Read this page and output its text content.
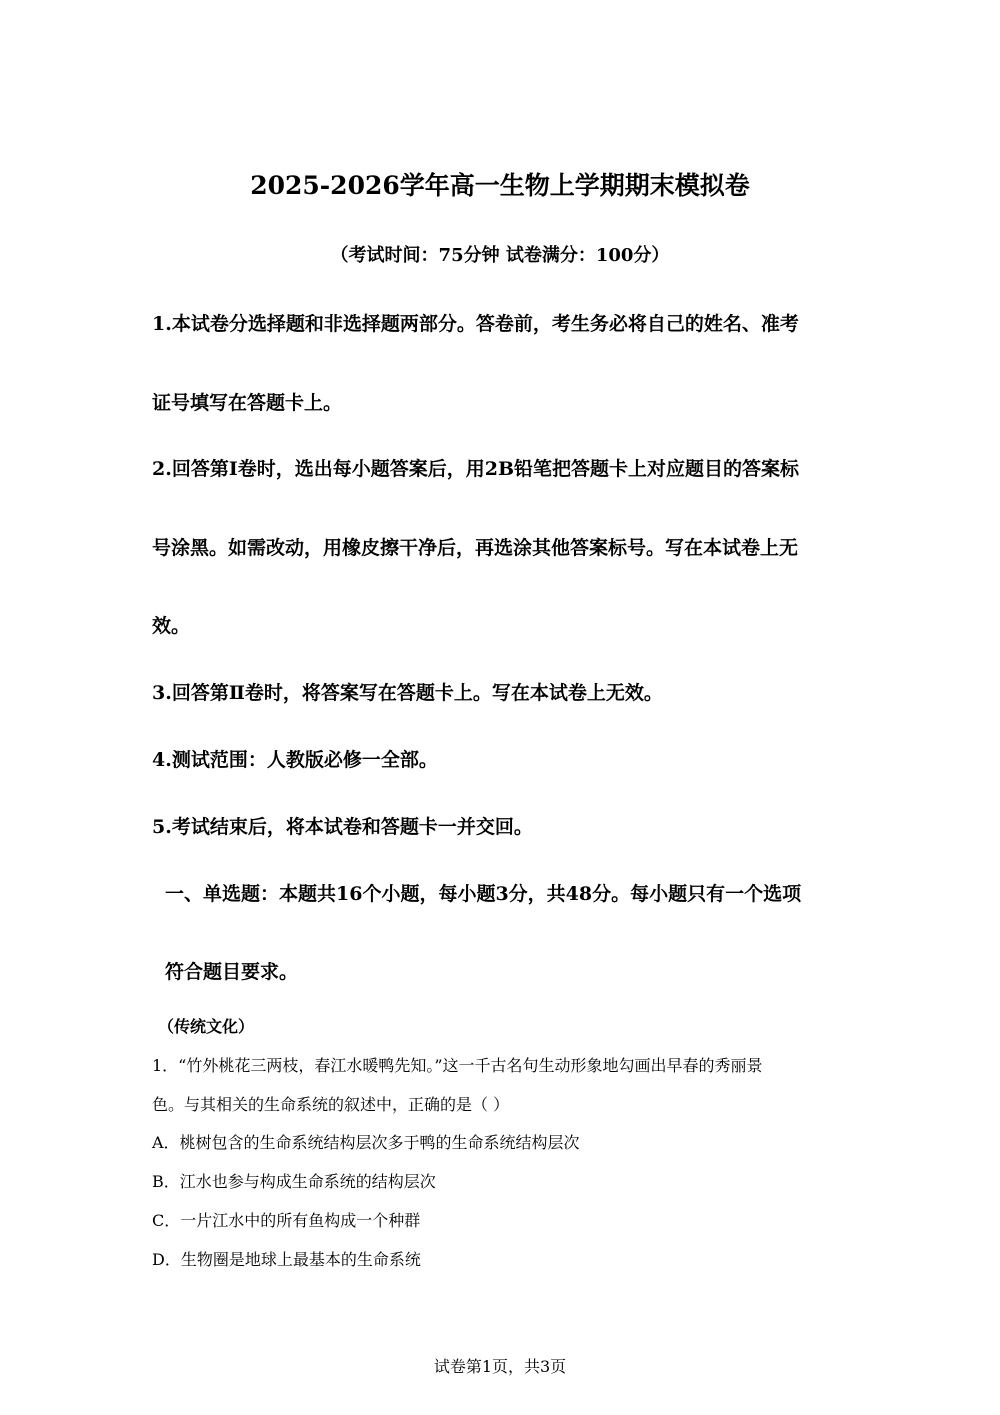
2025-2026学年高一生物上学期期末模拟卷
（考试时间：75分钟 试卷满分：100分）
1.本试卷分选择题和非选择题两部分。答卷前，考生务必将自己的姓名、准考
证号填写在答题卡上。
2.回答第Ⅰ卷时，选出每小题答案后，用2B铅笔把答题卡上对应题目的答案标
号涂黑。如需改动，用橡皮擦干净后，再选涂其他答案标号。写在本试卷上无
效。
3.回答第Ⅱ卷时，将答案写在答题卡上。写在本试卷上无效。
4.测试范围：人教版必修一全部。
5.考试结束后，将本试卷和答题卡一并交回。
一、单选题：本题共16个小题，每小题3分，共48分。每小题只有一个选项
符合题目要求。
（传统文化）
1．“竹外桃花三两枝，春江水暖鸭先知。”这一千古名句生动形象地勾画出早春的秀丽景
色。与其相关的生命系统的叙述中，正确的是（ ）
A．桃树包含的生命系统结构层次多于鸭的生命系统结构层次
B．江水也参与构成生命系统的结构层次
C．一片江水中的所有鱼构成一个种群
D．生物圈是地球上最基本的生命系统
试卷第1页，共3页
